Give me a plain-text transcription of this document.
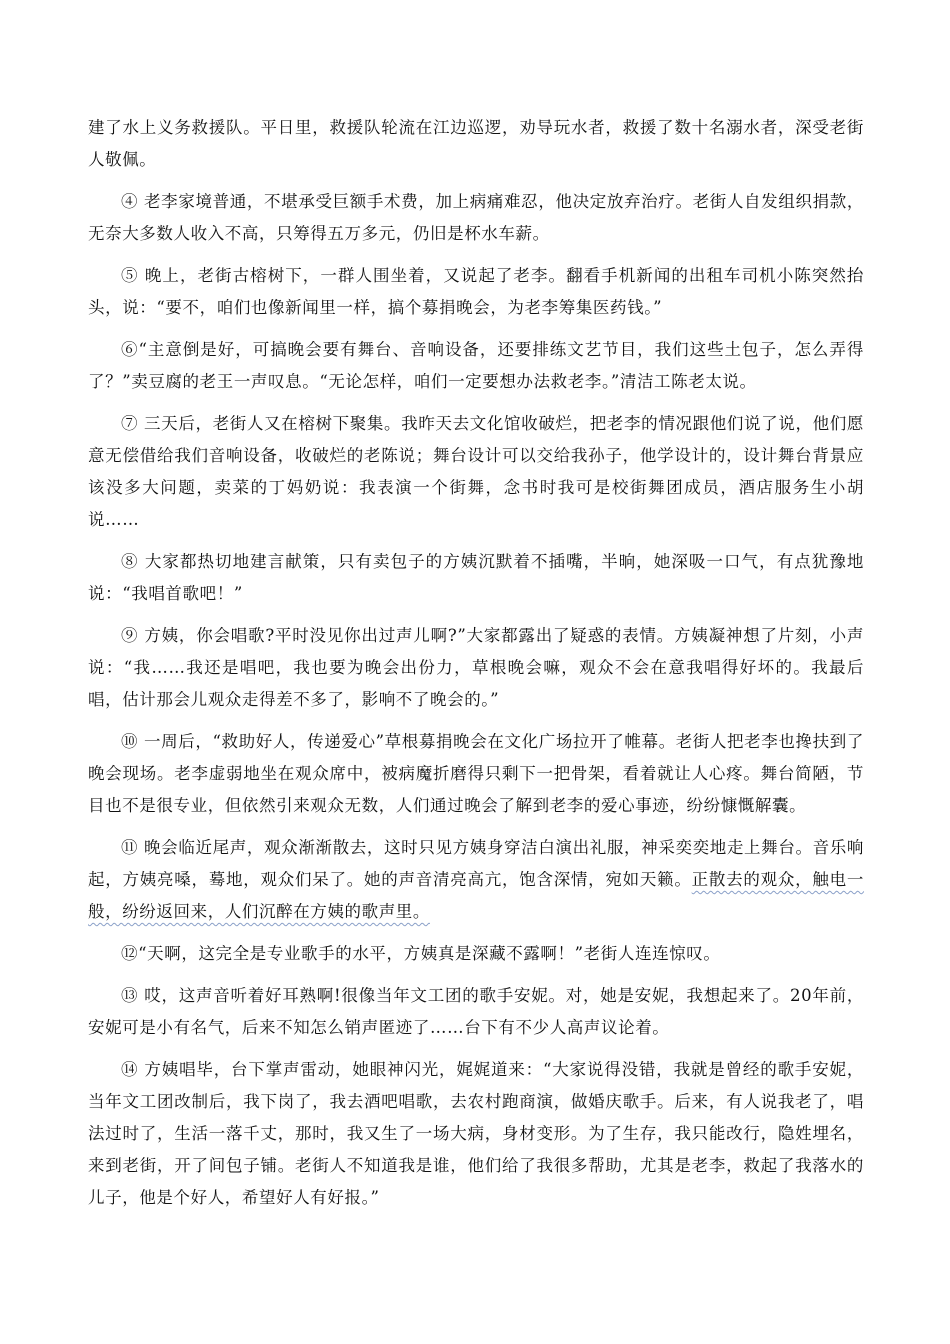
建了水上义务救援队。平日里，救援队轮流在江边巡逻，劝导玩水者，救援了数十名溺水者，深受老街人敬佩。

④ 老李家境普通，不堪承受巨额手术费，加上病痛难忍，他决定放弃治疗。老街人自发组织捐款，无奈大多数人收入不高，只筹得五万多元，仍旧是杯水车薪。

⑤ 晚上，老街古榕树下，一群人围坐着，又说起了老李。翻看手机新闻的出租车司机小陈突然抬头，说：“要不，咱们也像新闻里一样，搞个募捐晚会，为老李筹集医药钱。”

⑥“主意倒是好，可搞晚会要有舞台、音响设备，还要排练文艺节目，我们这些土包子，怎么弄得了？”卖豆腐的老王一声叹息。“无论怎样，咱们一定要想办法救老李。”清洁工陈老太说。

⑦ 三天后，老街人又在榕树下聚集。我昨天去文化馆收破烂，把老李的情况跟他们说了说，他们愿意无偿借给我们音响设备，收破烂的老陈说；舞台设计可以交给我孙子，他学设计的，设计舞台背景应该没多大问题，卖菜的丁妈奶说：我表演一个街舞，念书时我可是校街舞团成员，酒店服务生小胡说……

⑧ 大家都热切地建言献策，只有卖包子的方姨沉默着不插嘴，半晌，她深吸一口气，有点犹豫地说：“我唱首歌吧！”

⑨ 方姨，你会唱歌?平时没见你出过声儿啊?”大家都露出了疑惑的表情。方姨凝神想了片刻，小声说：“我……我还是唱吧，我也要为晚会出份力，草根晚会嘛，观众不会在意我唱得好坏的。我最后唱，估计那会儿观众走得差不多了，影响不了晚会的。”

⑩ 一周后，“救助好人，传递爱心”草根募捐晚会在文化广场拉开了帷幕。老街人把老李也搀扶到了晚会现场。老李虚弱地坐在观众席中，被病魔折磨得只剩下一把骨架，看着就让人心疼。舞台简陋，节目也不是很专业，但依然引来观众无数，人们通过晚会了解到老李的爱心事迹，纷纷慷慨解囊。

⑪ 晚会临近尾声，观众渐渐散去，这时只见方姨身穿洁白演出礼服，神采奕奕地走上舞台。音乐响起，方姨亮嗓，蓦地，观众们呆了。她的声音清亮高亢，饱含深情，宛如天籁。正散去的观众，触电一般，纷纷返回来，人们沉醉在方姨的歌声里。

⑫“天啊，这完全是专业歌手的水平，方姨真是深藏不露啊！”老街人连连惊叹。

⑬ 哎，这声音听着好耳熟啊!很像当年文工团的歌手安妮。对，她是安妮，我想起来了。20年前，安妮可是小有名气，后来不知怎么销声匿迹了……台下有不少人高声议论着。

⑭ 方姨唱毕，台下掌声雷动，她眼神闪光，娓娓道来：“大家说得没错，我就是曾经的歌手安妮，当年文工团改制后，我下岗了，我去酒吧唱歌，去农村跑商演，做婚庆歌手。后来，有人说我老了，唱法过时了，生活一落千丈，那时，我又生了一场大病，身材变形。为了生存，我只能改行，隐姓埋名，来到老街，开了间包子铺。老街人不知道我是谁，他们给了我很多帮助，尤其是老李，救起了我落水的儿子，他是个好人，希望好人有好报。”
